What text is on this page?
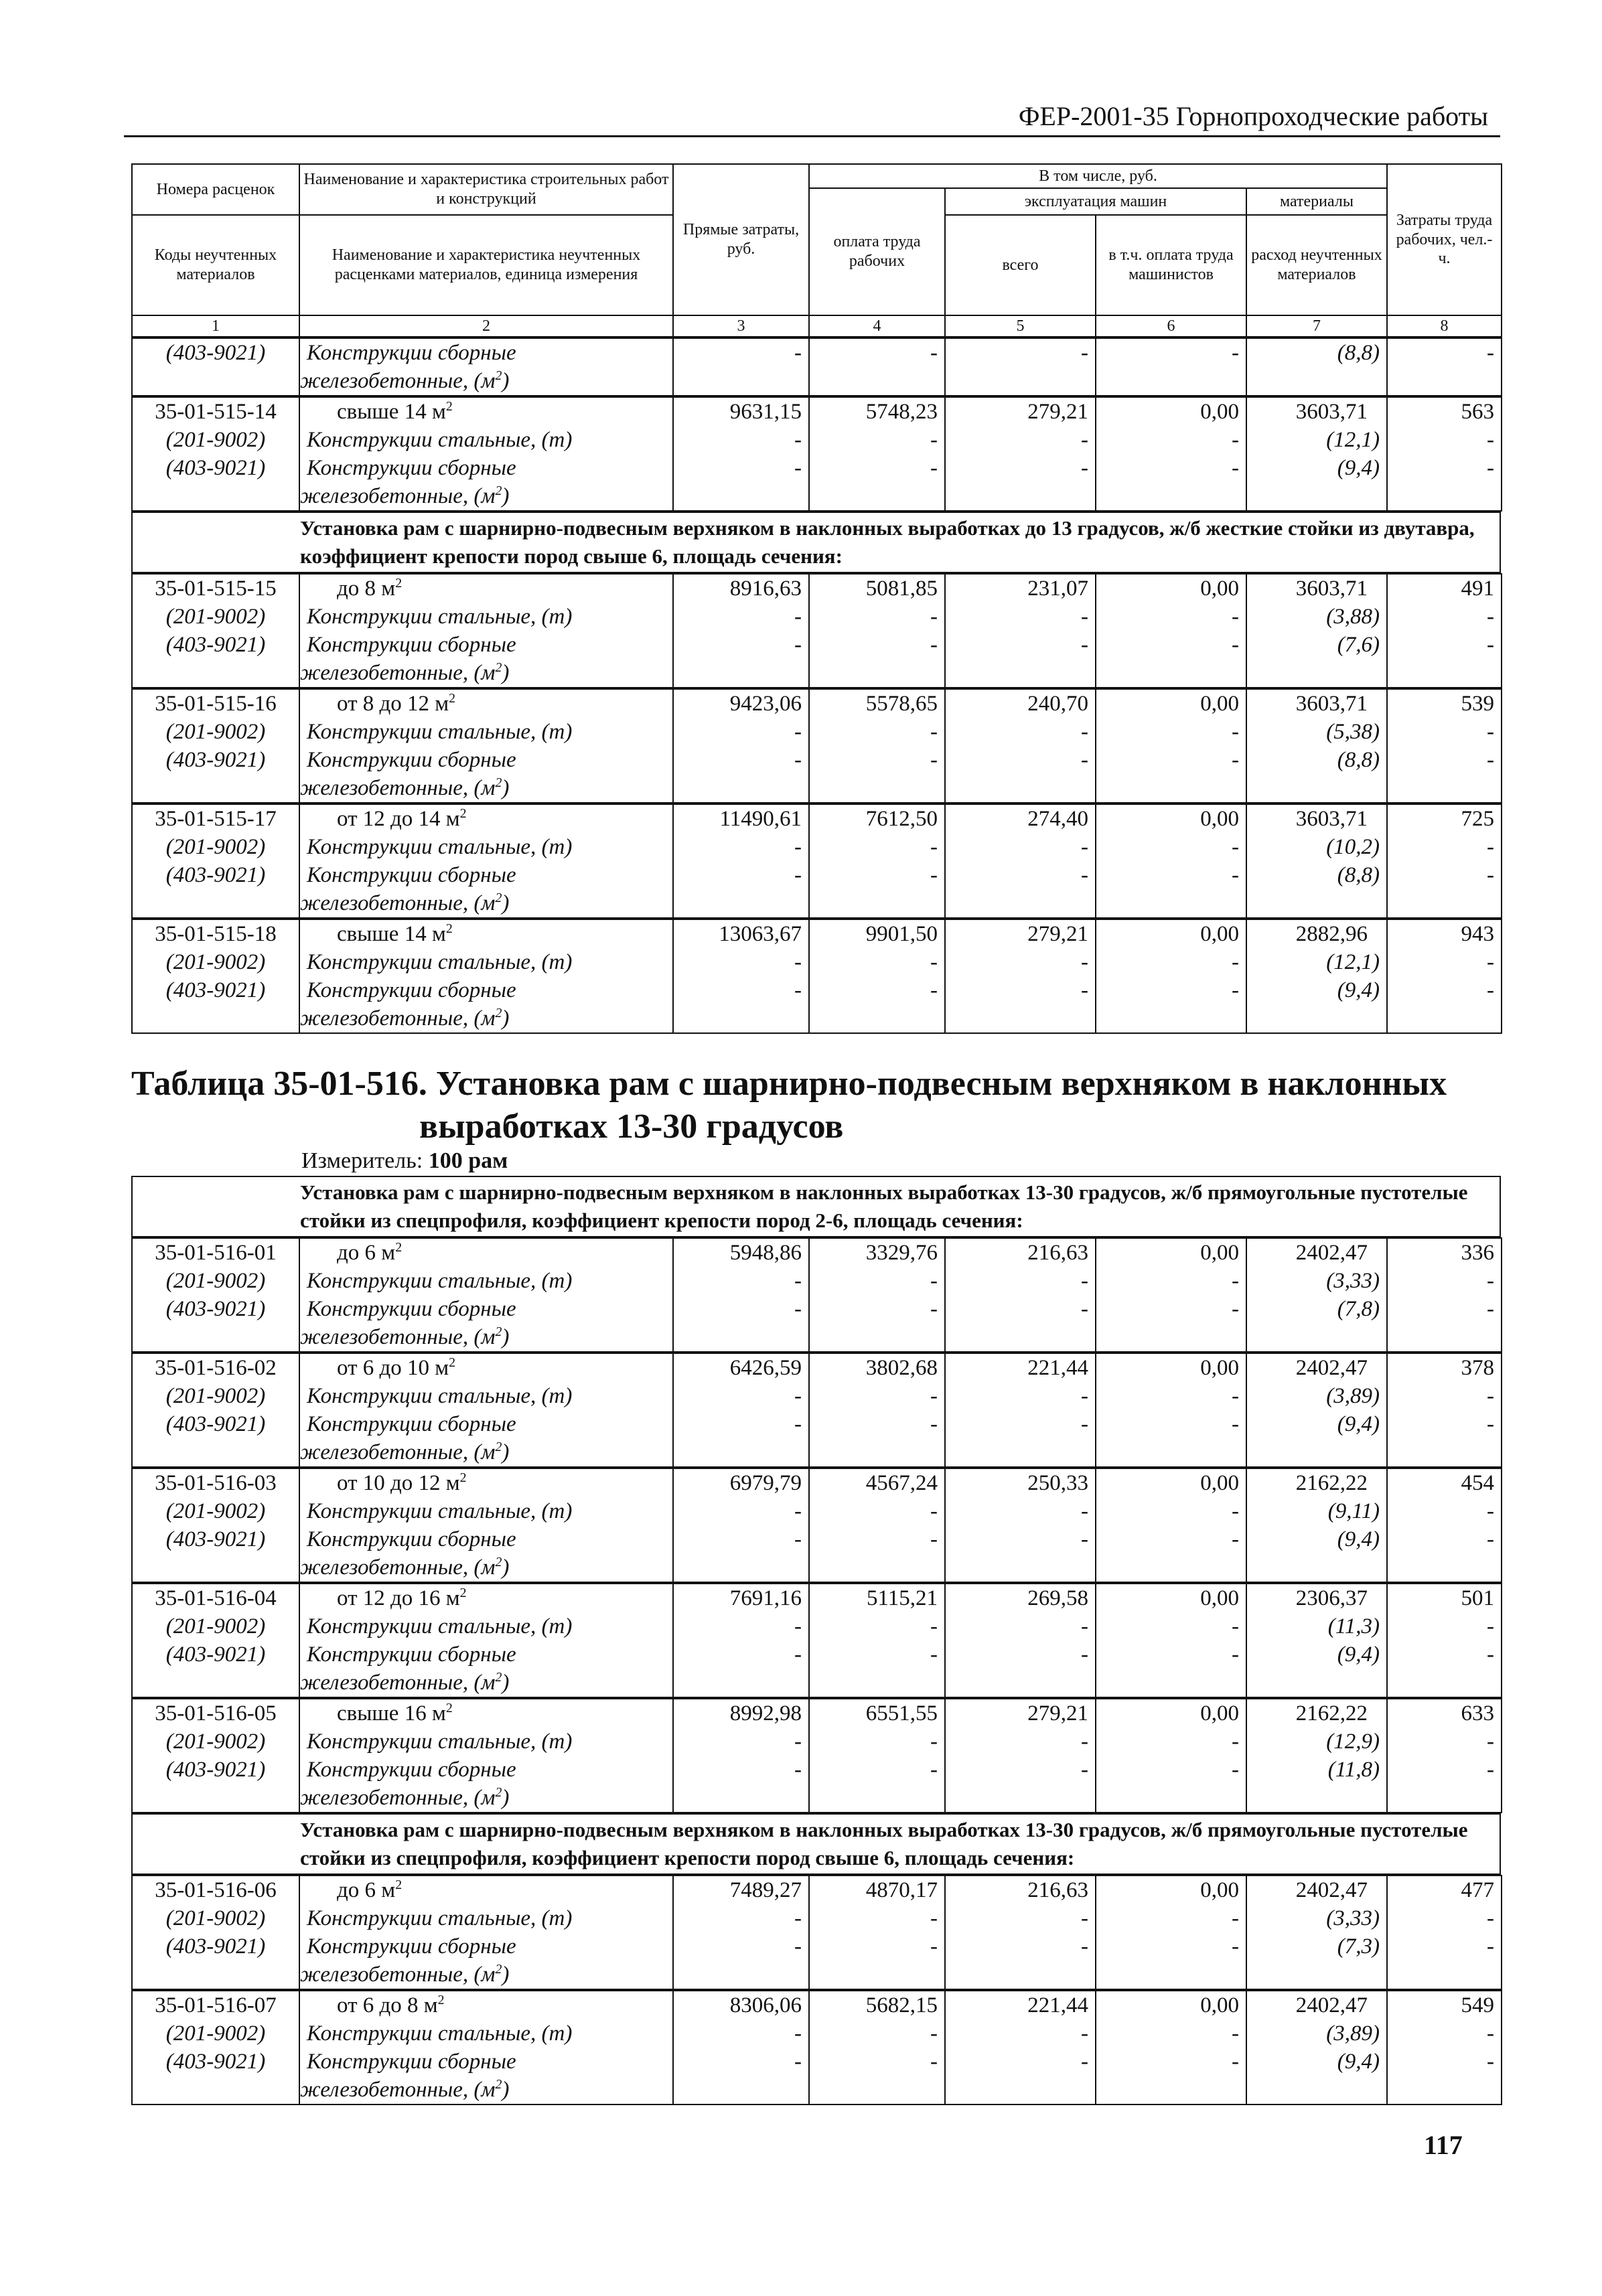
ФЕР-2001-35 Горнопроходческие работы
Номера расценок	Наименование и характеристика строительных работ и конструкций	Прямые затраты, руб.	В том числе, руб.				Затраты труда рабочих, чел.-ч.
			оплата труда рабочих	эксплуатация машин		материалы	
Коды неучтенных материалов	Наименование и характеристика неучтенных расценками материалов, единица измерения			всего	в т.ч. оплата труда машинистов	расход неучтенных материалов	

1	2	3	4	5	6	7	8
(403-9021)	Конструкции сборные	-	-	-	-	(8,8)	-
	железобетонные, $(м^2)$						
35-01-515-14	свыше 14 $м^2$	9631,15	5748,23	279,21	0,00	3603,71	563
(201-9002)	Конструкции стальные, (т)	-	-	-	-	(12,1)	-
(403-9021)	Конструкции сборные	-	-	-	-	(9,4)	-
	железобетонные, $(м^2)$						
Установка рам с шарнирно-подвесным верхняком в наклонных выработках до 13 градусов, ж/б жесткие стойки из двутавра, коэффициент крепости пород свыше 6, площадь сечения:
35-01-515-15	до 8 $м^2$	8916,63	5081,85	231,07	0,00	3603,71	491
(201-9002)	Конструкции стальные, (т)	-	-	-	-	(3,88)	-
(403-9021)	Конструкции сборные	-	-	-	-	(7,6)	-
	железобетонные, $(м^2)$						
35-01-515-16	от 8 до 12 $м^2$	9423,06	5578,65	240,70	0,00	3603,71	539
(201-9002)	Конструкции стальные, (т)	-	-	-	-	(5,38)	-
(403-9021)	Конструкции сборные	-	-	-	-	(8,8)	-
	железобетонные, $(м^2)$						
35-01-515-17	от 12 до 14 $м^2$	11490,61	7612,50	274,40	0,00	3603,71	725
(201-9002)	Конструкции стальные, (т)	-	-	-	-	(10,2)	-
(403-9021)	Конструкции сборные	-	-	-	-	(8,8)	-
	железобетонные, $(м^2)$						
35-01-515-18	свыше 14 $м^2$	13063,67	9901,50	279,21	0,00	2882,96	943
(201-9002)	Конструкции стальные, (т)	-	-	-	-	(12,1)	-
(403-9021)	Конструкции сборные	-	-	-	-	(9,4)	-
	железобетонные, $(м^2)$						
Таблица 35-01-516. Установка рам с шарнирно-подвесным верхняком в наклонных
выработках 13-30 градусов
Измеритель: 100 рам
Установка рам с шарнирно-подвесным верхняком в наклонных выработках 13-30 градусов, ж/б прямоугольные пустотелые стойки из спецпрофиля, коэффициент крепости пород 2-6, площадь сечения:
35-01-516-01	до 6 $м^2$	5948,86	3329,76	216,63	0,00	2402,47	336
(201-9002)	Конструкции стальные, (т)	-	-	-	-	(3,33)	-
(403-9021)	Конструкции сборные	-	-	-	-	(7,8)	-
	железобетонные, $(м^2)$						
35-01-516-02	от 6 до 10 $м^2$	6426,59	3802,68	221,44	0,00	2402,47	378
(201-9002)	Конструкции стальные, (т)	-	-	-	-	(3,89)	-
(403-9021)	Конструкции сборные	-	-	-	-	(9,4)	-
	железобетонные, $(м^2)$						
35-01-516-03	от 10 до 12 $м^2$	6979,79	4567,24	250,33	0,00	2162,22	454
(201-9002)	Конструкции стальные, (т)	-	-	-	-	(9,11)	-
(403-9021)	Конструкции сборные	-	-	-	-	(9,4)	-
	железобетонные, $(м^2)$						
35-01-516-04	от 12 до 16 $м^2$	7691,16	5115,21	269,58	0,00	2306,37	501
(201-9002)	Конструкции стальные, (т)	-	-	-	-	(11,3)	-
(403-9021)	Конструкции сборные	-	-	-	-	(9,4)	-
	железобетонные, $(м^2)$						
35-01-516-05	свыше 16 $м^2$	8992,98	6551,55	279,21	0,00	2162,22	633
(201-9002)	Конструкции стальные, (т)	-	-	-	-	(12,9)	-
(403-9021)	Конструкции сборные	-	-	-	-	(11,8)	-
	железобетонные, $(м^2)$						
Установка рам с шарнирно-подвесным верхняком в наклонных выработках 13-30 градусов, ж/б прямоугольные пустотелые стойки из спецпрофиля, коэффициент крепости пород свыше 6, площадь сечения:
35-01-516-06	до 6 $м^2$	7489,27	4870,17	216,63	0,00	2402,47	477
(201-9002)	Конструкции стальные, (т)	-	-	-	-	(3,33)	-
(403-9021)	Конструкции сборные	-	-	-	-	(7,3)	-
	железобетонные, $(м^2)$						
35-01-516-07	от 6 до 8 $м^2$	8306,06	5682,15	221,44	0,00	2402,47	549
(201-9002)	Конструкции стальные, (т)	-	-	-	-	(3,89)	-
(403-9021)	Конструкции сборные	-	-	-	-	(9,4)	-
	железобетонные, $(м^2)$						
117
